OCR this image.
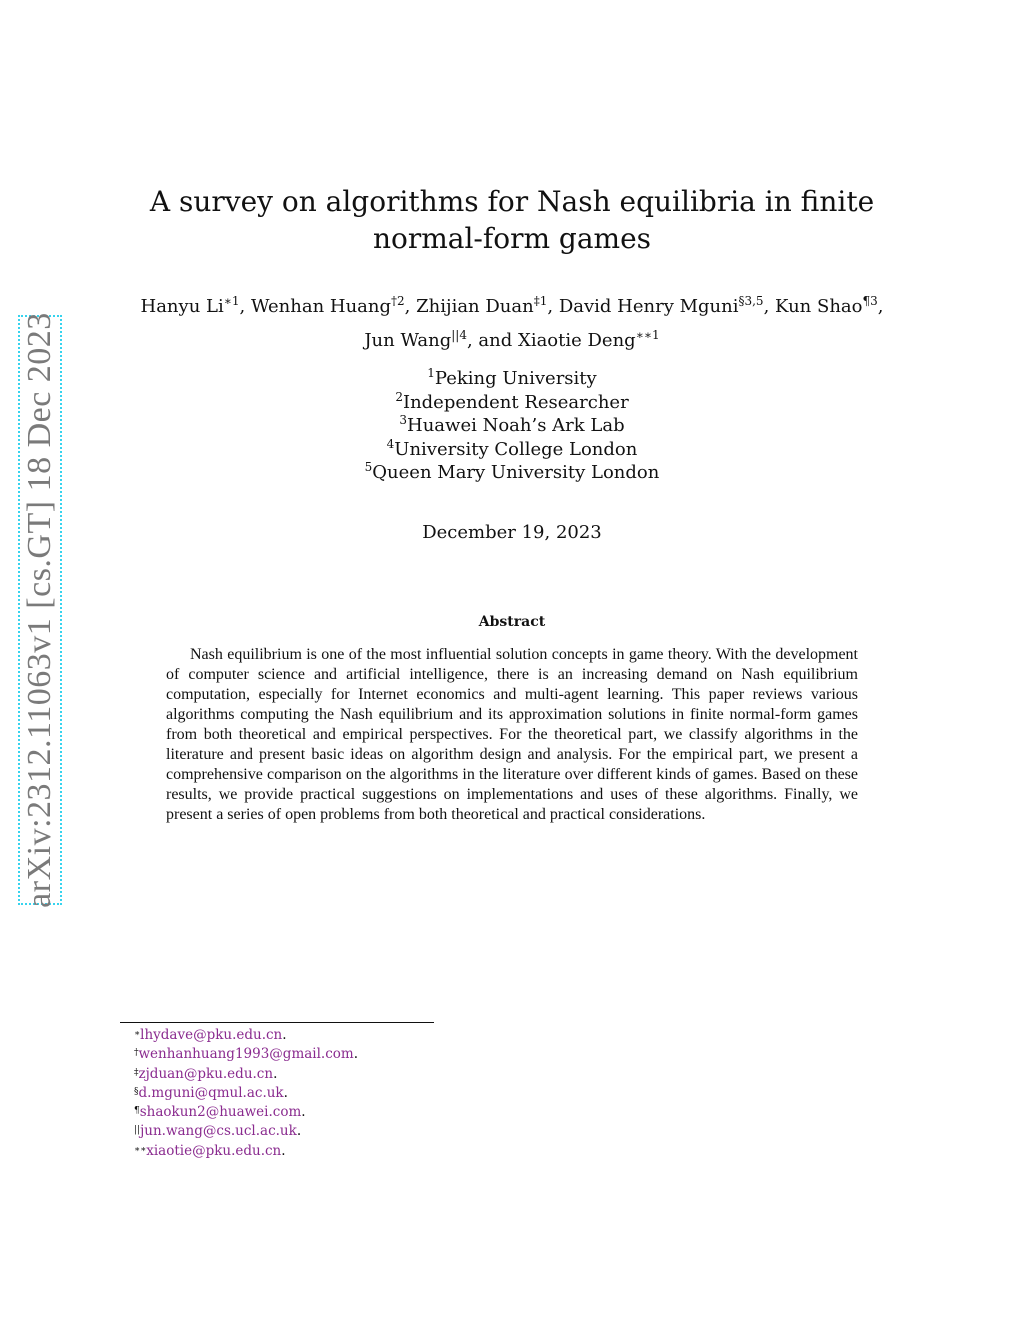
arXiv:2312.11063v1 [cs.GT] 18 Dec 2023
A survey on algorithms for Nash equilibria in finite
normal-form games
Hanyu $Li^{∗1}$, Wenhan Huang$^{\dagger 2}$, Zhijian Duan$^{\ddagger 1}$, David Henry Mguni$^{\S 3,5}$, Kun Shao$^{\P 3}$,
Jun Wang$^{||4}$, and Xiaotie Deng$^{∗∗1}$
$^1$Peking University
$^2$Independent Researcher
$^3$Huawei Noah’s Ark Lab
$^4$University College London
$^5$Queen Mary University London
December 19, 2023
Abstract

Nash equilibrium is one of the most influential solution concepts in game theory. With the development of computer science and artificial intelligence, there is an increasing demand on Nash equilibrium computation, especially for Internet economics and multi-agent learning. This paper reviews various algorithms computing the Nash equilibrium and its approximation solutions in finite normal-form games from both theoretical and empirical perspectives. For the theoretical part, we classify algorithms in the literature and present basic ideas on algorithm design and analysis. For the empirical part, we present a comprehensive comparison on the algorithms in the literature over different kinds of games. Based on these results, we provide practical suggestions on implementations and uses of these algorithms. Finally, we present a series of open problems from both theoretical and practical considerations.

∗lhydave@pku.edu.cn.
†wenhanhuang1993@gmail.com.
‡zjduan@pku.edu.cn.
§d.mguni@qmul.ac.uk.
¶shaokun2@huawei.com.
||jun.wang@cs.ucl.ac.uk.
∗∗xiaotie@pku.edu.cn.
